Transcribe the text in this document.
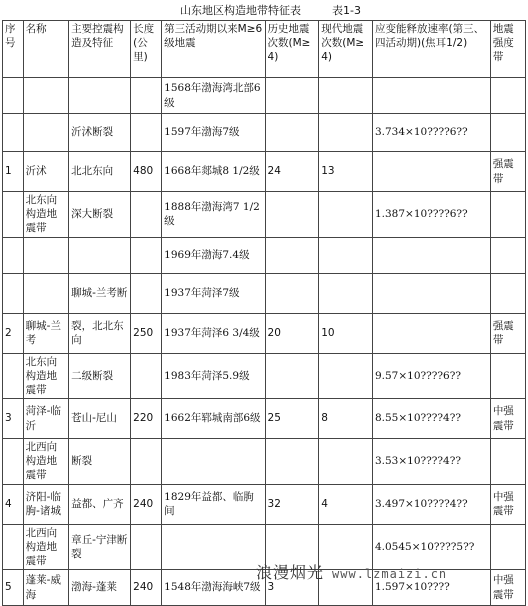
山东地区构造地带特征表	表1-3
序号	名称	主要控震构造及特征	长度(公里)	第三活动期以来M≥6级地震	历史地震次数(M≥4)	现代地震次数(M≥4)	应变能释放速率(第三、四活动期)(焦耳1/2)	地震强度带
				1568年渤海湾北部6级				
		沂沭断裂		1597年渤海7级			3.734×10????6??	
1	沂沭	北北东向	480	1668年郯城8 1/2级	24	13		强震带
	北东向构造地震带	深大断裂		1888年渤海湾7 1/2级			1.387×10????6??	
				1969年渤海7.4级				
		聊城-兰考断		1937年菏泽7级				
2	聊城-兰考	裂，北北东向	250	1937年菏泽6 3/4级	20	10		强震带
	北东向构造地震带	二级断裂		1983年菏泽5.9级			9.57×10????6??	
3	菏泽-临沂	苍山-尼山	220	1662年郓城南部6级	25	8	8.55×10????4??	中强震带
	北西向构造地震带	断裂					3.53×10????4??	
4	济阳-临朐-诸城	益都、广齐	240	1829年益都、临朐间	32	4	3.497×10????4??	中强震带
	北西向构造地震带	章丘-宁津断裂					4.0545×10????5??	
5	蓬莱-威海	渤海-蓬莱	240	1548年渤海海峡7级	3		1.597×10????	中强震带
浪漫烟光 www.lzmaizi.cn
